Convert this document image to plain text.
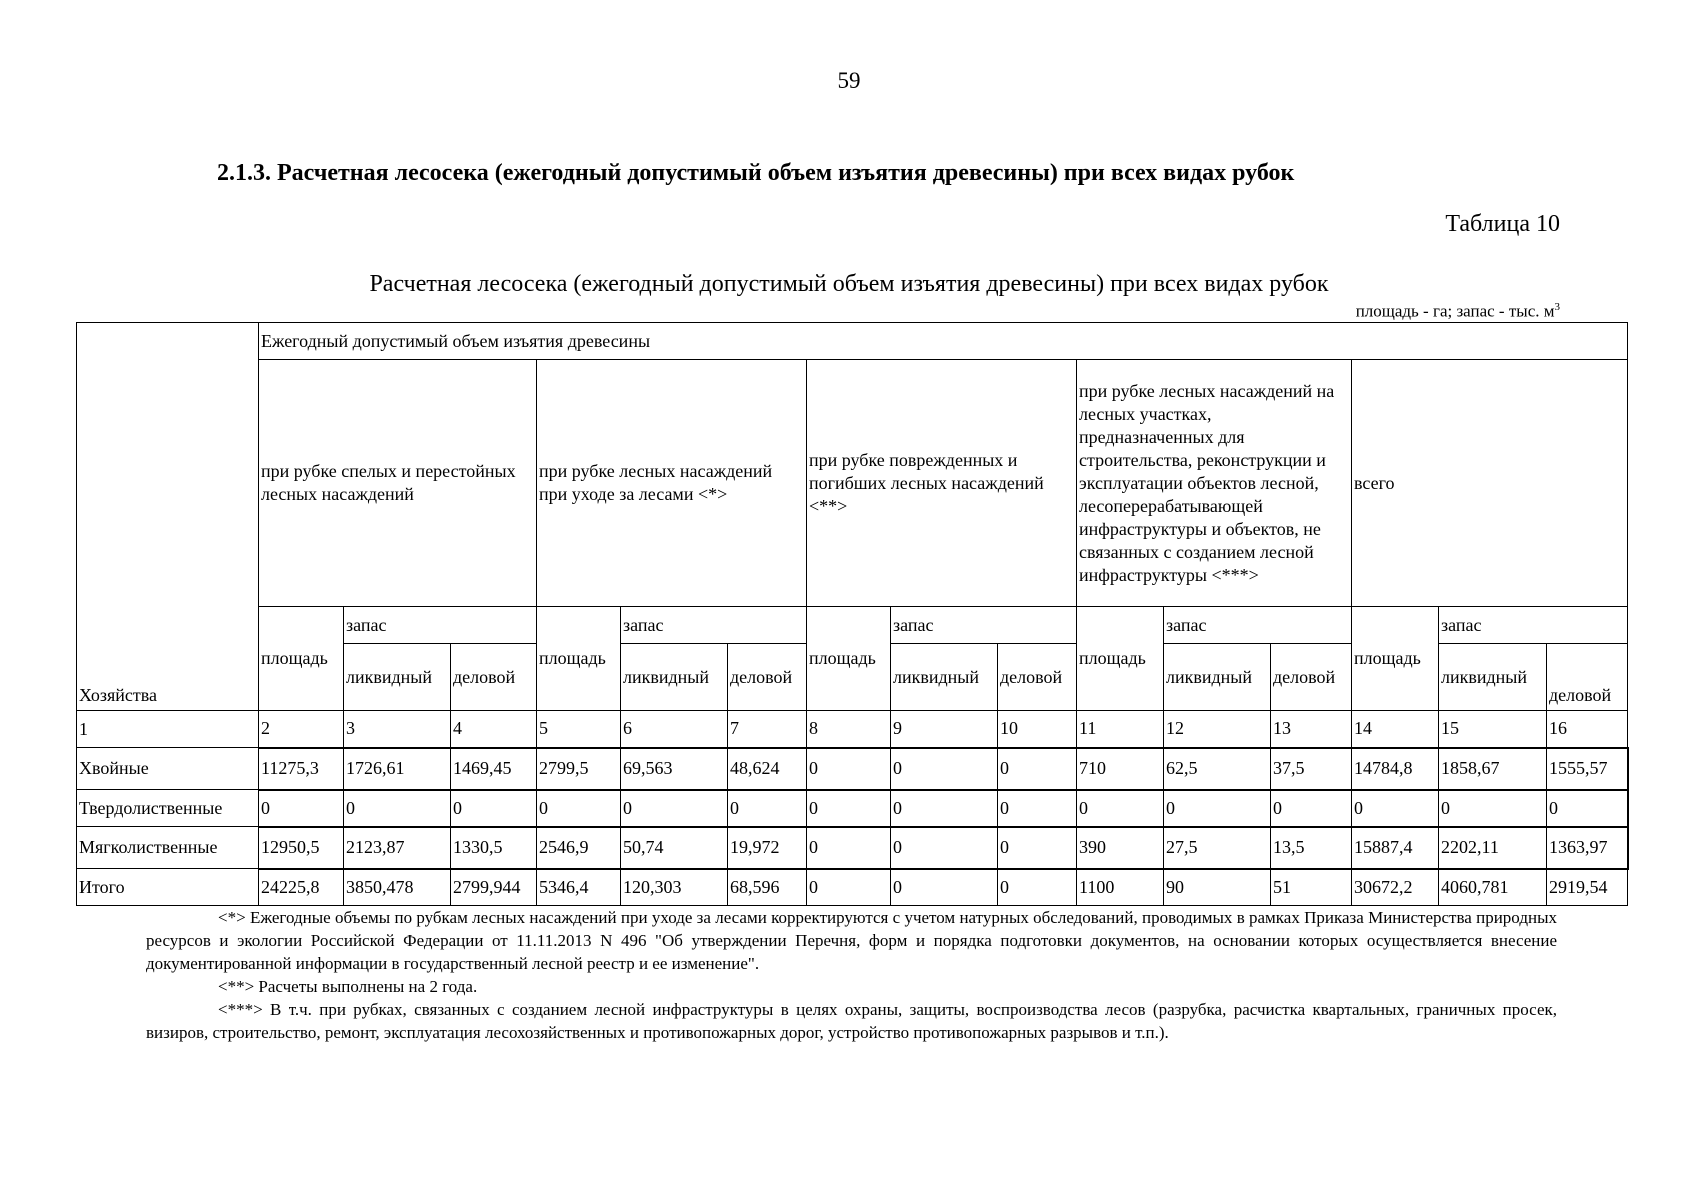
59
2.1.3. Расчетная лесосека (ежегодный допустимый объем изъятия древесины) при всех видах рубок
Таблица 10
Расчетная лесосека (ежегодный допустимый объем изъятия древесины) при всех видах рубок
площадь - га; запас - тыс. $м^3$
Хозяйства	Ежегодный допустимый объем изъятия древесины														
	при рубке спелых и перестойных лесных насаждений			при рубке лесных насаждений при уходе за лесами <*>			при рубке поврежденных и погибших лесных насаждений <**>			при рубке лесных насаждений на лесных участках, предназначенных для строительства, реконструкции и эксплуатации объектов лесной, лесоперерабатывающей инфраструктуры и объектов, не связанных с созданием лесной инфраструктуры <***>			всего		
	площадь	запас		площадь	запас		площадь	запас		площадь	запас		площадь	запас	
		ликвидный	деловой		ликвидный	деловой		ликвидный	деловой		ликвидный	деловой		ликвидный	деловой

1	2	3	4	5	6	7	8	9	10	11	12	13	14	15	16
Хвойные	11275,3	1726,61	1469,45	2799,5	69,563	48,624	0	0	0	710	62,5	37,5	14784,8	1858,67	1555,57
Твердолиственные	0	0	0	0	0	0	0	0	0	0	0	0	0	0	0
Мягколиственные	12950,5	2123,87	1330,5	2546,9	50,74	19,972	0	0	0	390	27,5	13,5	15887,4	2202,11	1363,97
Итого	24225,8	3850,478	2799,944	5346,4	120,303	68,596	0	0	0	1100	90	51	30672,2	4060,781	2919,54

<*> Ежегодные объемы по рубкам лесных насаждений при уходе за лесами корректируются с учетом натурных обследований, проводимых в рамках Приказа Министерства природных ресурсов и экологии Российской Федерации от 11.11.2013 N 496 "Об утверждении Перечня, форм и порядка подготовки документов, на основании которых осуществляется внесение документированной информации в государственный лесной реестр и ее изменение".

<**> Расчеты выполнены на 2 года.

<***> В т.ч. при рубках, связанных с созданием лесной инфраструктуры в целях охраны, защиты, воспроизводства лесов (разрубка, расчистка квартальных, граничных просек, визиров, строительство, ремонт, эксплуатация лесохозяйственных и противопожарных дорог, устройство противопожарных разрывов и т.п.).
